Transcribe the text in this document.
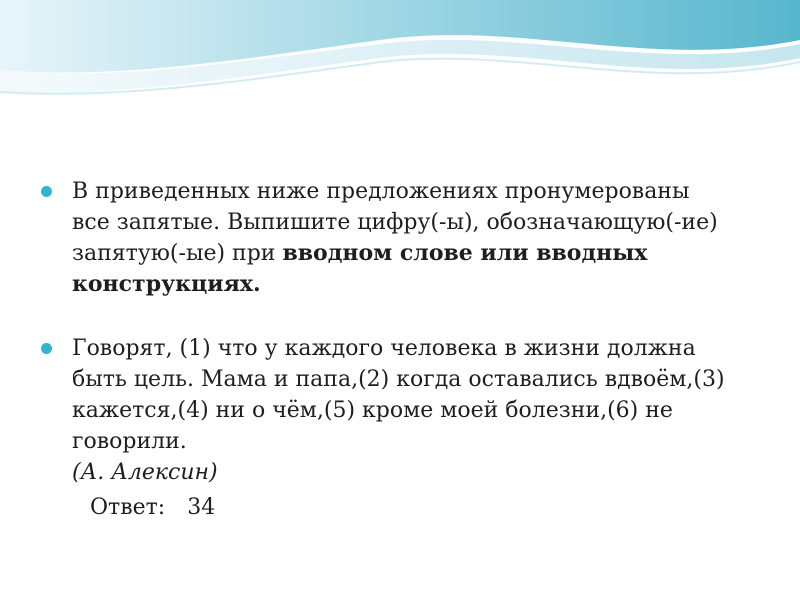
В приведенных ниже предложениях пронумерованы все запятые. Выпишите цифру(-ы), обозначающую(-ие) запятую(-ые) при вводном слове или вводных конструкциях.
Говорят, (1) что у каждого человека в жизни должна быть цель. Мама и папа,(2) когда оставались вдвоём,(3) кажется,(4) ни о чём,(5) кроме моей болезни,(6) не говорили.
(А. Алексин)
Ответ: 34
